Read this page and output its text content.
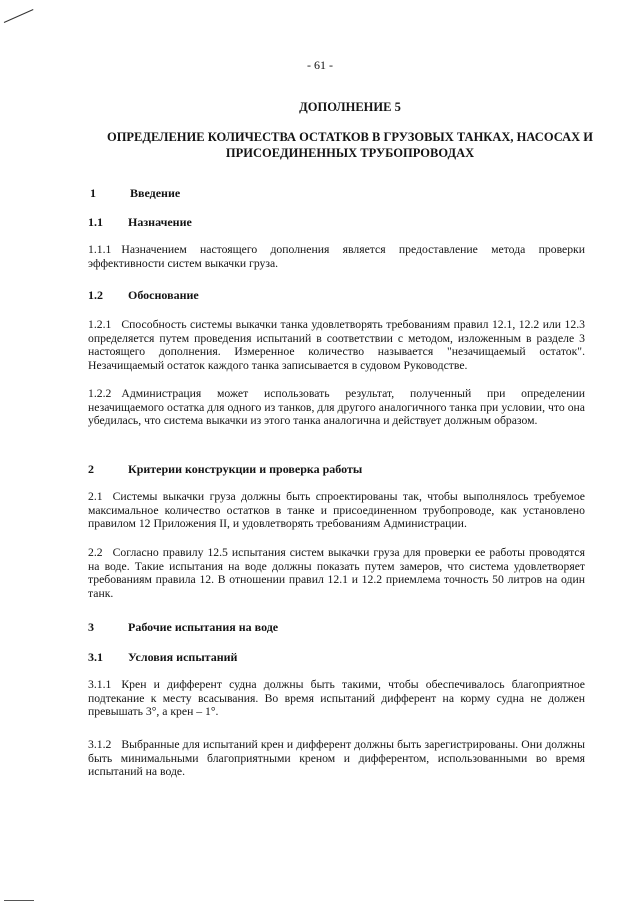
- 61 -
ДОПОЛНЕНИЕ 5
ОПРЕДЕЛЕНИЕ КОЛИЧЕСТВА ОСТАТКОВ В ГРУЗОВЫХ ТАНКАХ, НАСОСАХ И ПРИСОЕДИНЕННЫХ ТРУБОПРОВОДАХ
1	Введение
1.1 Назначение
1.1.1 Назначением настоящего дополнения является предоставление метода проверки эффективности систем выкачки груза.
1.2 Обоснование
1.2.1 Способность системы выкачки танка удовлетворять требованиям правил 12.1, 12.2 или 12.3 определяется путем проведения испытаний в соответствии с методом, изложенным в разделе 3 настоящего дополнения. Измеренное количество называется "незачищаемый остаток". Незачищаемый остаток каждого танка записывается в судовом Руководстве.
1.2.2 Администрация может использовать результат, полученный при определении незачищаемого остатка для одного из танков, для другого аналогичного танка при условии, что она убедилась, что система выкачки из этого танка аналогична и действует должным образом.
2	Критерии конструкции и проверка работы
2.1 Системы выкачки груза должны быть спроектированы так, чтобы выполнялось требуемое максимальное количество остатков в танке и присоединенном трубопроводе, как установлено правилом 12 Приложения II, и удовлетворять требованиям Администрации.
2.2 Согласно правилу 12.5 испытания систем выкачки груза для проверки ее работы проводятся на воде. Такие испытания на воде должны показать путем замеров, что система удовлетворяет требованиям правила 12. В отношении правил 12.1 и 12.2 приемлема точность 50 литров на один танк.
3	Рабочие испытания на воде
3.1 Условия испытаний
3.1.1 Крен и дифферент судна должны быть такими, чтобы обеспечивалось благоприятное подтекание к месту всасывания. Во время испытаний дифферент на корму судна не должен превышать 3°, а крен – 1°.
3.1.2 Выбранные для испытаний крен и дифферент должны быть зарегистрированы. Они должны быть минимальными благоприятными креном и дифферентом, использованными во время испытаний на воде.
